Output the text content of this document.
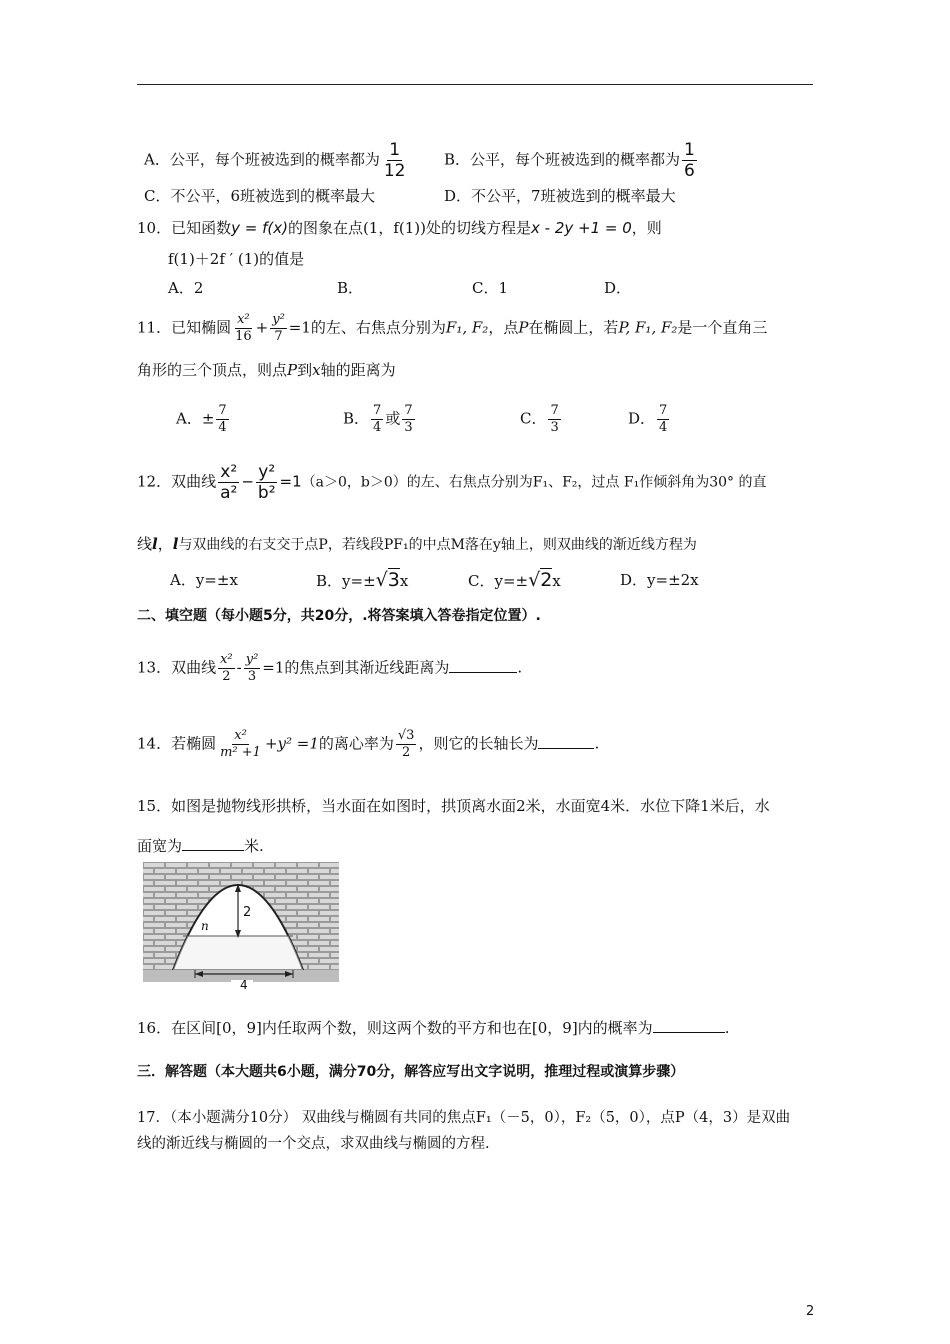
A．公平，每个班被选到的概率都为 $\frac{1}{12}$ B．公平，每个班被选到的概率都为 $\frac{1}{6}$
C．不公平，6班被选到的概率最大	D．不公平，7班被选到的概率最大
10．已知函数y = f(x)的图象在点(1，f(1))处的切线方程是x - 2y +1 = 0，则
f(1)＋2f ′ (1)的值是
A．2	B．	C．1	D．
11．已知椭圆 $\frac{\text{x²}}{16} + \frac{\text{y²}}{7} =1$的左、右焦点分别为F₁, F₂，点P在椭圆上，若P, F₁, F₂是一个直角三
角形的三个顶点，则点P到x轴的距离为
A．± $\frac{7}{4}$	B． $\frac{7}{4}$ 或 $\frac{7}{3}$	C． $\frac{7}{3}$	D． $\frac{7}{4}$
12．双曲线 $\frac{\text{x²}}{\text{a²}} - \frac{\text{y²}}{\text{b²}} =1(a>0$，b＞0）的左、右焦点分别为F₁、F₂，过点 F₁作倾斜角为30° 的直
线l，l与双曲线的右支交于点P，若线段PF₁的中点M落在y轴上，则双曲线的渐近线方程为
A．y=±x	B．y=±√3x	C．y=±√2x	D．y=±2x
二、填空题（每小题5分，共20分，.将答案填入答卷指定位置）.
13．双曲线 $\frac{\text{x²}}{2} - \frac{\text{y²}}{3} =1$的焦点到其渐近线距离为	.
14．若椭圆 $\frac{\text{x²}}{\text{m² +1}} +y^2 =1$的离心率为 $\frac{√3}{2}$ ，则它的长轴长为	.
15．如图是抛物线形拱桥，当水面在如图时，拱顶离水面2米，水面宽4米．水位下降1米后，水
面宽为	米.
4
2
n
16．在区间[0，9]内任取两个数，则这两个数的平方和也在[0，9]内的概率为	.
三．解答题（本大题共6小题，满分70分，解答应写出文字说明，推理过程或演算步骤）
17．（本小题满分10分） 双曲线与椭圆有共同的焦点F₁（－5，0），F₂（5，0），点P（4，3）是双曲
线的渐近线与椭圆的一个交点，求双曲线与椭圆的方程.
2
